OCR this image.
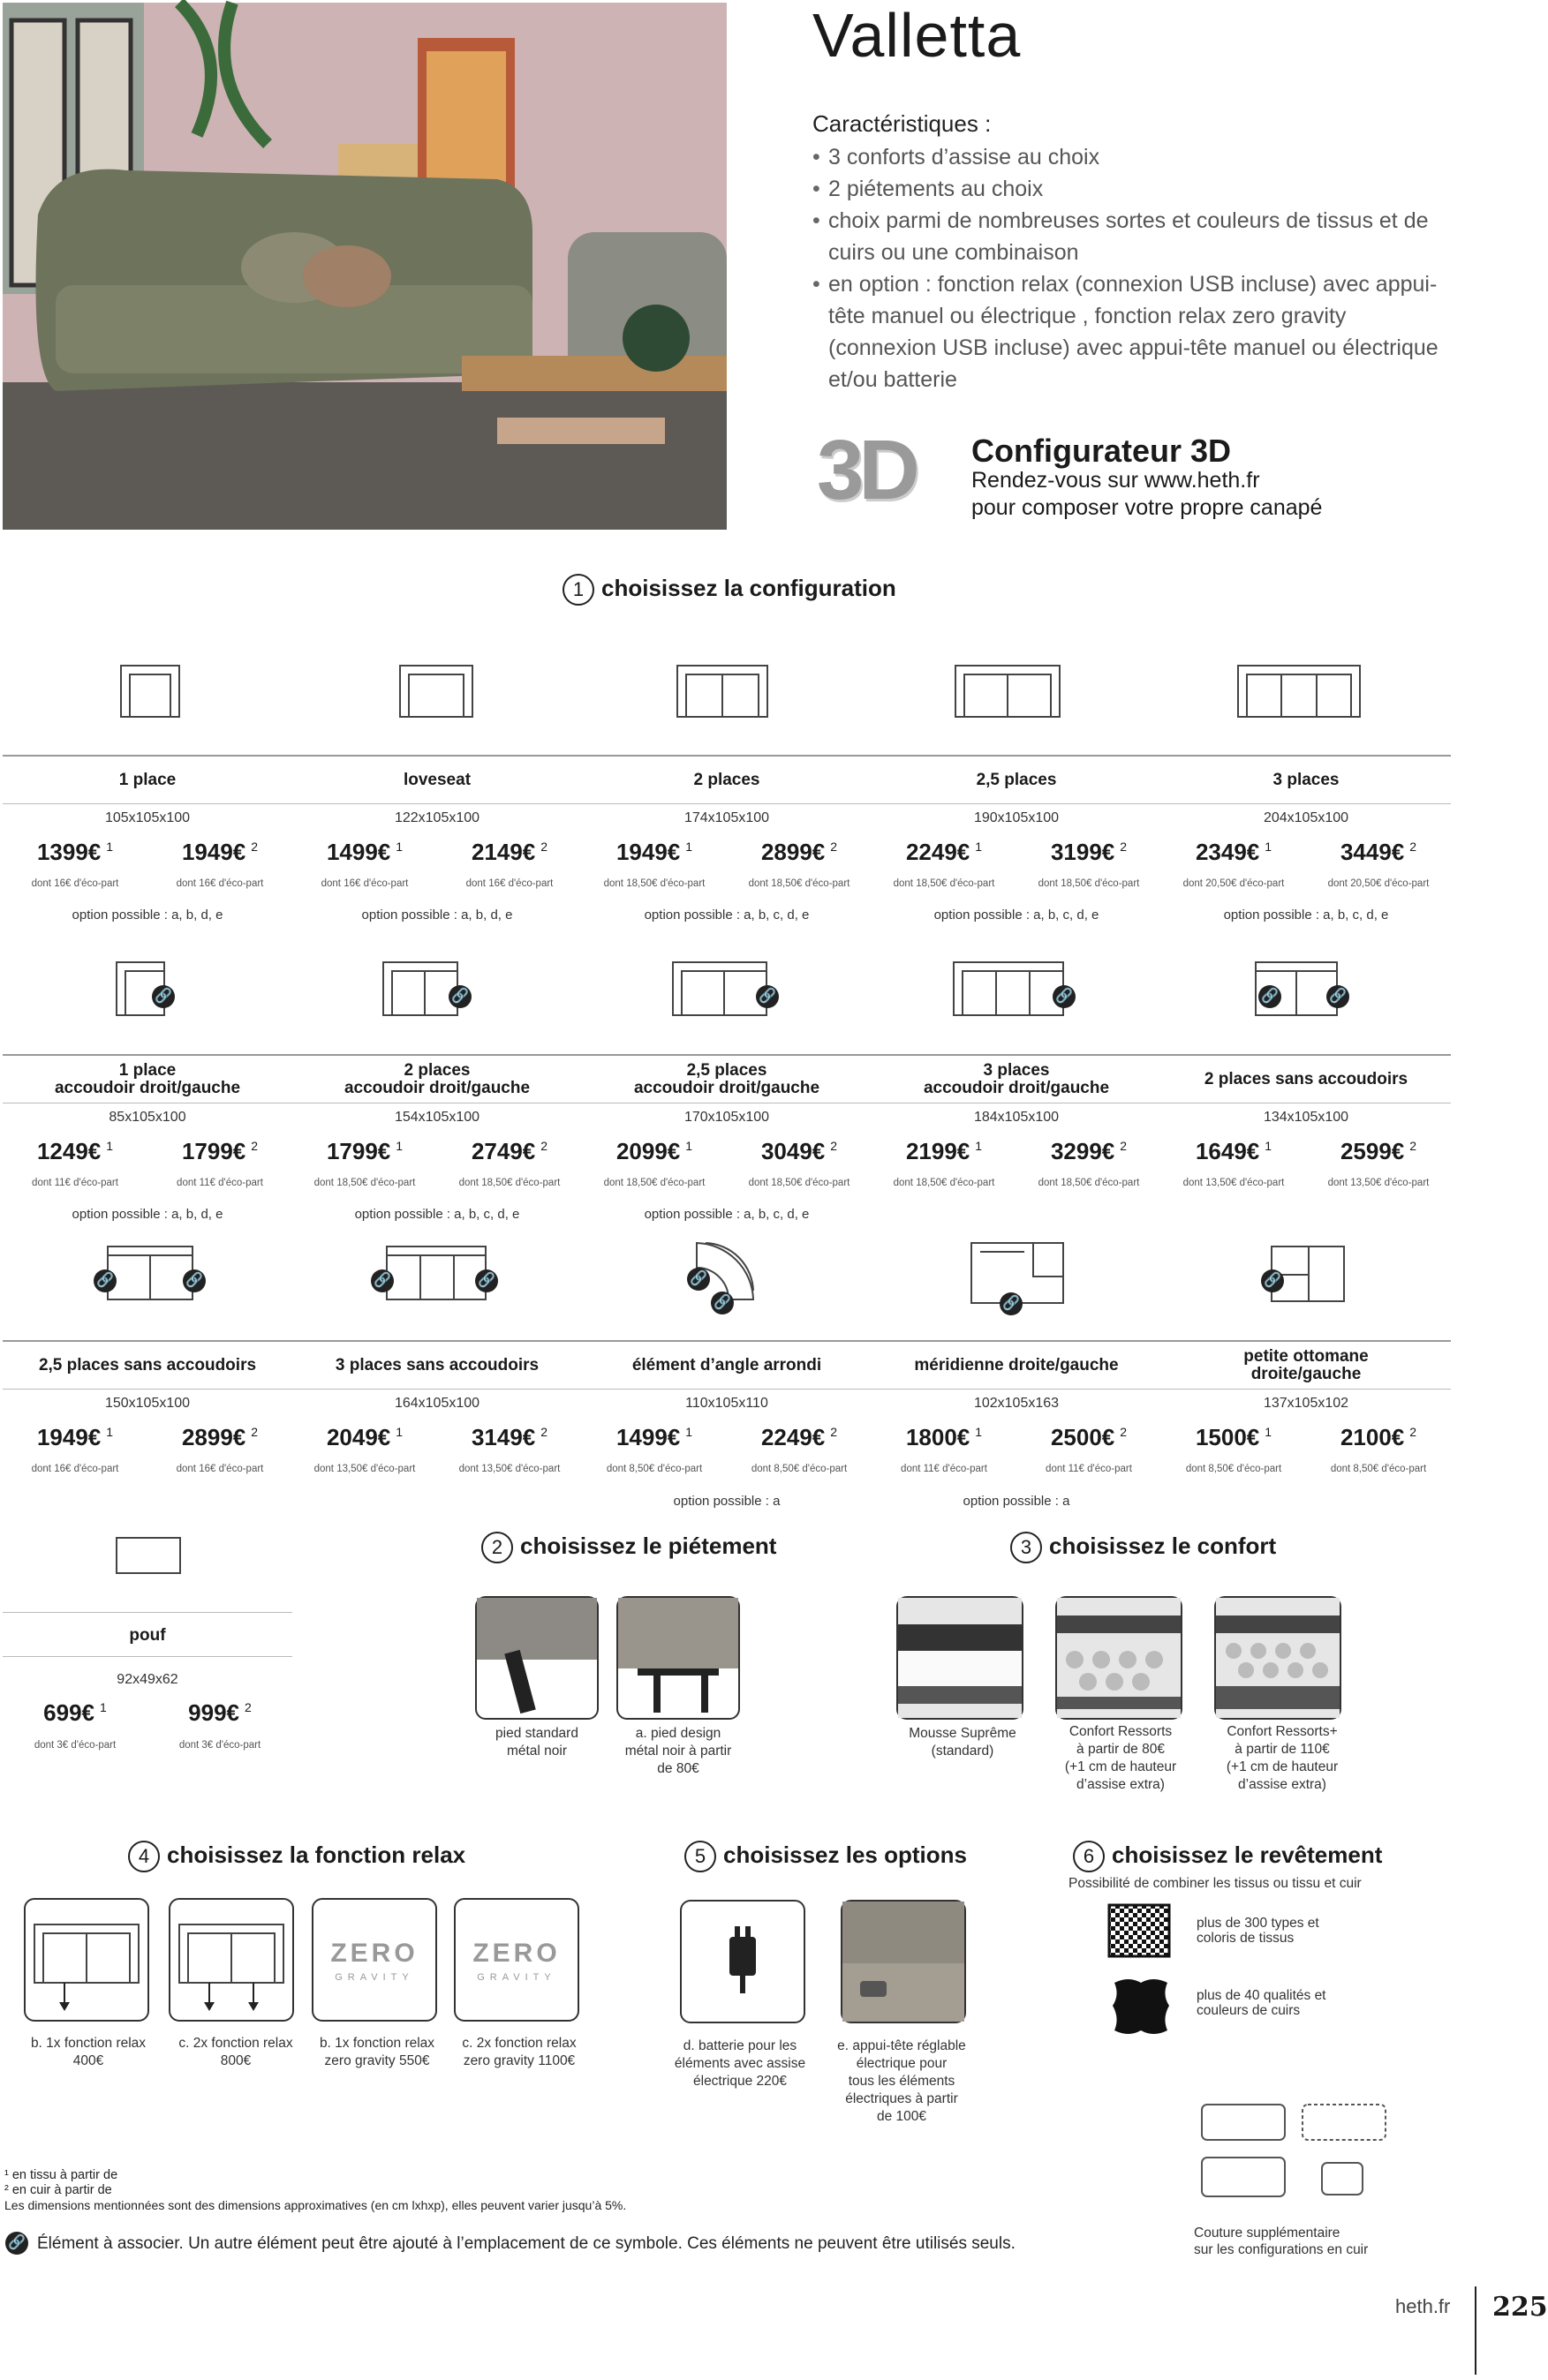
Valletta
Caractéristiques :
• 3 conforts d’assise au choix
• 2 piétements au choix
• choix parmi de nombreuses sortes et couleurs de tissus et de cuirs ou une combinaison
• en option : fonction relax (connexion USB incluse) avec appui-tête manuel ou électrique , fonction relax zero gravity (connexion USB incluse) avec appui-tête manuel ou électrique et/ou batterie
3D Configurateur 3D
Rendez-vous sur www.heth.fr
pour composer votre propre canapé
1 choisissez la configuration
🔗	🔗	🔗	🔗	🔗	🔗
🔗	🔗	🔗	🔗	🔗
🔗	🔗
🔗
pouf
92x49x62
699€ $^1$	999€ $^2$
dont 3€ d'éco-part	dont 3€ d'éco-part
2 choisissez le piétement
pied standard
métal noir
a. pied design
métal noir à partir
de 80€
3 choisissez le confort
Mousse Suprême
(standard)
Confort Ressorts
à partir de 80€
(+1 cm de hauteur
d’assise extra)
Confort Ressorts+
à partir de 110€
(+1 cm de hauteur
d’assise extra)
4 choisissez la fonction relax
ZERO
GRAVITY
ZERO
GRAVITY
b. 1x fonction relax
400€
c. 2x fonction relax
800€
b. 1x fonction relax
zero gravity 550€
c. 2x fonction relax
zero gravity 1100€
5 choisissez les options
d. batterie pour les
éléments avec assise
électrique 220€
e. appui-tête réglable
électrique pour
tous les éléments
électriques à partir
de 100€
6 choisissez le revêtement
Possibilité de combiner les tissus ou tissu et cuir
plus de 300 types et
coloris de tissus
plus de 40 qualités et
couleurs de cuirs
Couture supplémentaire
sur les configurations en cuir
¹ en tissu à partir de
² en cuir à partir de
Les dimensions mentionnées sont des dimensions approximatives (en cm lxhxp), elles peuvent varier jusqu’à 5%.
🔗 Élément à associer. Un autre élément peut être ajouté à l’emplacement de ce symbole. Ces éléments ne peuvent être utilisés seuls.
heth.fr 225
1 place
105x105x100
1399€ $^1$	1949€ $^2$
dont 16€ d'éco-part	dont 16€ d'éco-part
option possible : a, b, d, e
loveseat
122x105x100
1499€ $^1$	2149€ $^2$
dont 16€ d'éco-part	dont 16€ d'éco-part
option possible : a, b, d, e
2 places
174x105x100
1949€ $^1$	2899€ $^2$
dont 18,50€ d'éco-part	dont 18,50€ d'éco-part
option possible : a, b, c, d, e
2,5 places
190x105x100
2249€ $^1$	3199€ $^2$
dont 18,50€ d'éco-part	dont 18,50€ d'éco-part
option possible : a, b, c, d, e
3 places
204x105x100
2349€ $^1$	3449€ $^2$
dont 20,50€ d'éco-part	dont 20,50€ d'éco-part
option possible : a, b, c, d, e
1 place
accoudoir droit/gauche
85x105x100
1249€ $^1$	1799€ $^2$
dont 11€ d'éco-part	dont 11€ d'éco-part
option possible : a, b, d, e
2 places
accoudoir droit/gauche
154x105x100
1799€ $^1$	2749€ $^2$
dont 18,50€ d'éco-part	dont 18,50€ d'éco-part
option possible : a, b, c, d, e
2,5 places
accoudoir droit/gauche
170x105x100
2099€ $^1$	3049€ $^2$
dont 18,50€ d'éco-part	dont 18,50€ d'éco-part
option possible : a, b, c, d, e
3 places
accoudoir droit/gauche
184x105x100
2199€ $^1$	3299€ $^2$
dont 18,50€ d'éco-part	dont 18,50€ d'éco-part
2 places sans accoudoirs
134x105x100
1649€ $^1$	2599€ $^2$
dont 13,50€ d'éco-part	dont 13,50€ d'éco-part
2,5 places sans accoudoirs
150x105x100
1949€ $^1$	2899€ $^2$
dont 16€ d'éco-part	dont 16€ d'éco-part
3 places sans accoudoirs
164x105x100
2049€ $^1$	3149€ $^2$
dont 13,50€ d'éco-part	dont 13,50€ d'éco-part
élément d’angle arrondi
110x105x110
1499€ $^1$	2249€ $^2$
dont 8,50€ d'éco-part	dont 8,50€ d'éco-part
option possible : a
méridienne droite/gauche
102x105x163
1800€ $^1$	2500€ $^2$
dont 11€ d'éco-part	dont 11€ d'éco-part
option possible : a
petite ottomane
droite/gauche
137x105x102
1500€ $^1$	2100€ $^2$
dont 8,50€ d'éco-part	dont 8,50€ d'éco-part
